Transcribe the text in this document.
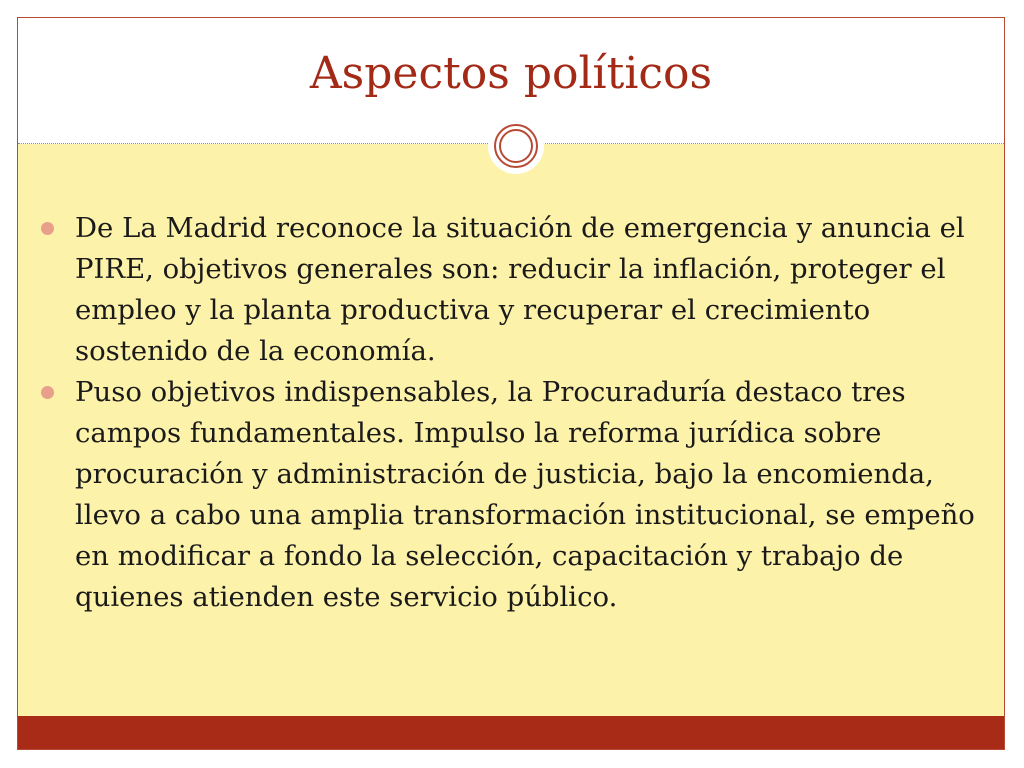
Aspectos políticos
De La Madrid reconoce la situación de emergencia y anuncia el PIRE, objetivos generales son: reducir la inflación, proteger el empleo y la planta productiva y recuperar el crecimiento sostenido de la economía.
Puso objetivos indispensables, la Procuraduría destaco tres campos fundamentales. Impulso la reforma jurídica sobre procuración y administración de justicia, bajo la encomienda, llevo a cabo una amplia transformación institucional, se empeño en modificar a fondo la selección, capacitación y trabajo de quienes atienden este servicio público.
